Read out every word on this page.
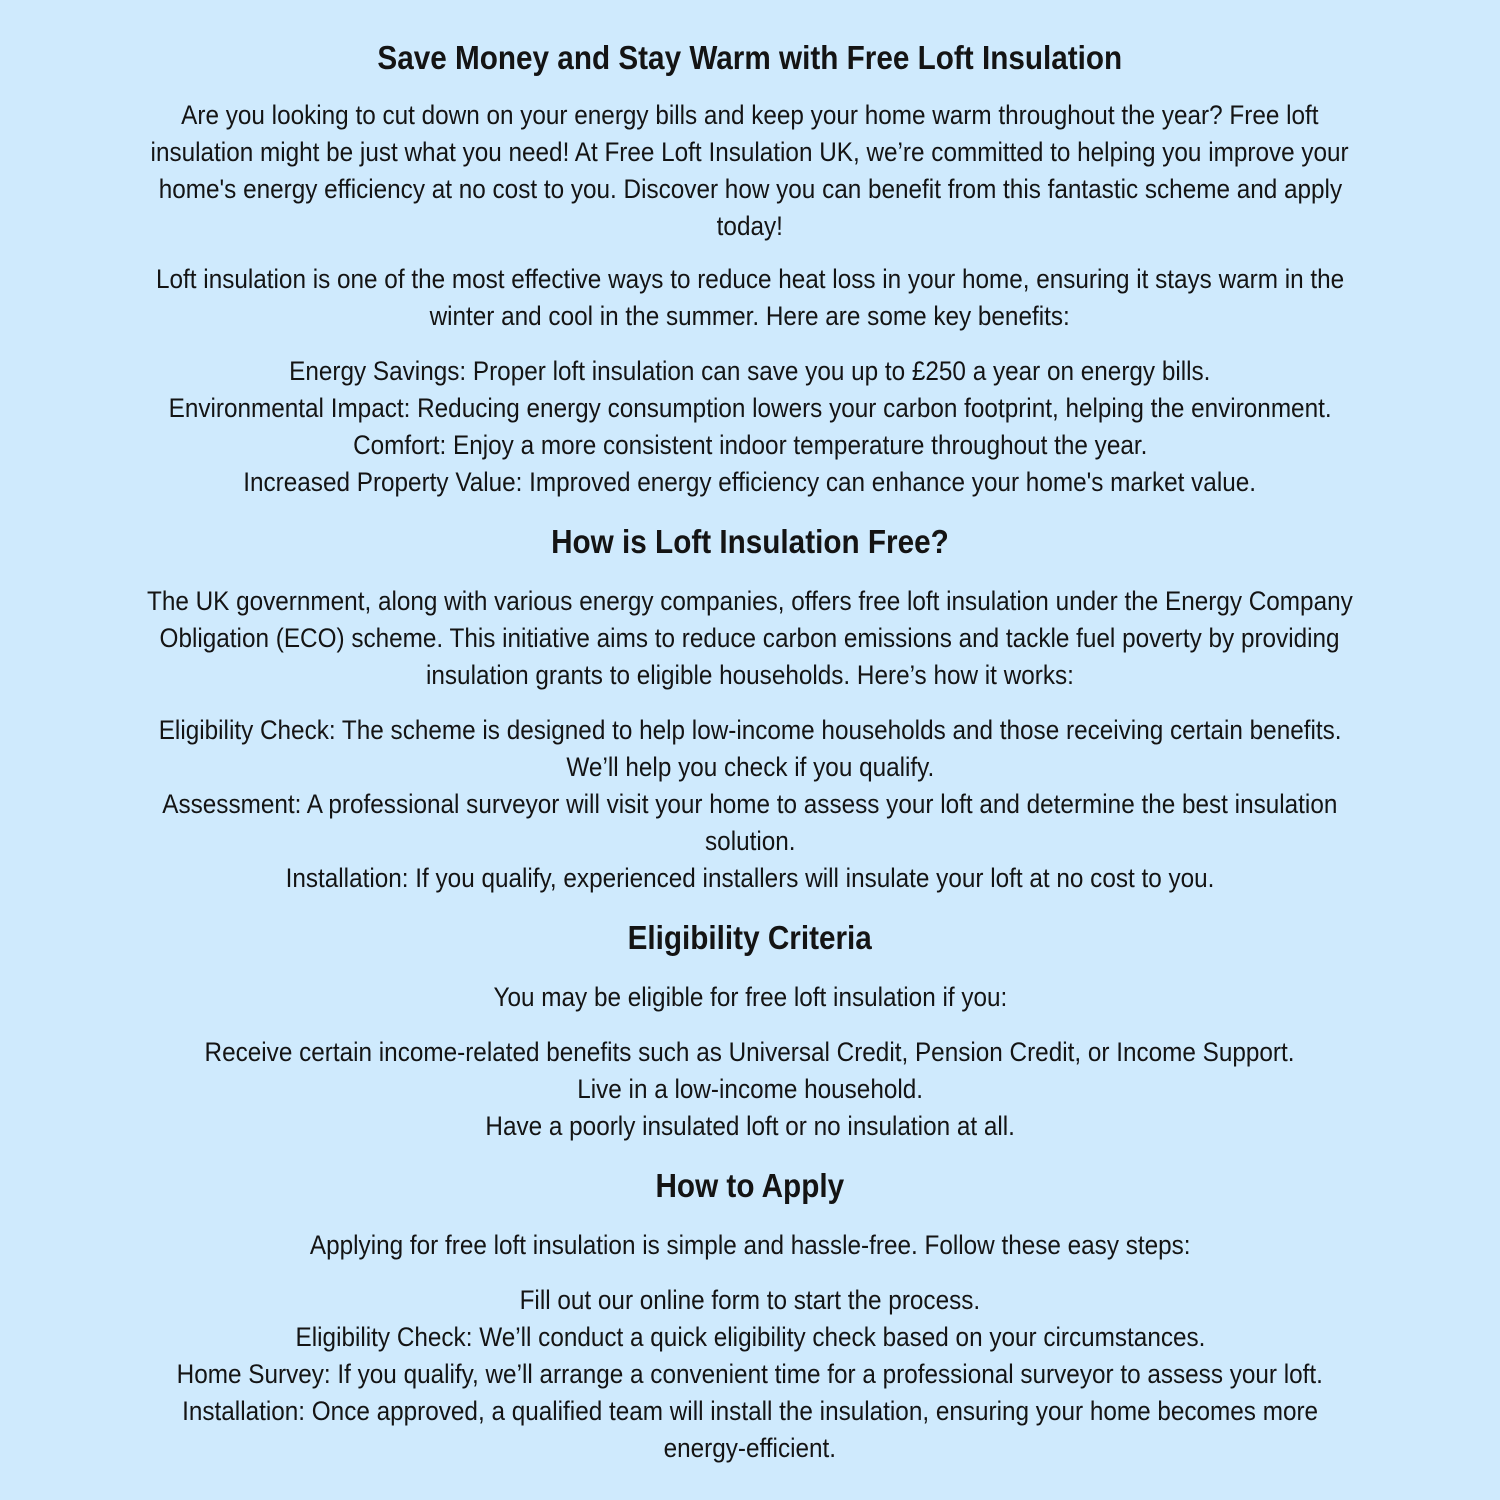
Save Money and Stay Warm with Free Loft Insulation
Are you looking to cut down on your energy bills and keep your home warm throughout the year? Free loft
insulation might be just what you need! At Free Loft Insulation UK, we’re committed to helping you improve your
home's energy efficiency at no cost to you. Discover how you can benefit from this fantastic scheme and apply
today!
Loft insulation is one of the most effective ways to reduce heat loss in your home, ensuring it stays warm in the
winter and cool in the summer. Here are some key benefits:
Energy Savings: Proper loft insulation can save you up to £250 a year on energy bills.
Environmental Impact: Reducing energy consumption lowers your carbon footprint, helping the environment.
Comfort: Enjoy a more consistent indoor temperature throughout the year.
Increased Property Value: Improved energy efficiency can enhance your home's market value.
How is Loft Insulation Free?
The UK government, along with various energy companies, offers free loft insulation under the Energy Company
Obligation (ECO) scheme. This initiative aims to reduce carbon emissions and tackle fuel poverty by providing
insulation grants to eligible households. Here’s how it works:
Eligibility Check: The scheme is designed to help low-income households and those receiving certain benefits.
We’ll help you check if you qualify.
Assessment: A professional surveyor will visit your home to assess your loft and determine the best insulation
solution.
Installation: If you qualify, experienced installers will insulate your loft at no cost to you.
Eligibility Criteria
You may be eligible for free loft insulation if you:
Receive certain income-related benefits such as Universal Credit, Pension Credit, or Income Support.
Live in a low-income household.
Have a poorly insulated loft or no insulation at all.
How to Apply
Applying for free loft insulation is simple and hassle-free. Follow these easy steps:
Fill out our online form to start the process.
Eligibility Check: We’ll conduct a quick eligibility check based on your circumstances.
Home Survey: If you qualify, we’ll arrange a convenient time for a professional surveyor to assess your loft.
Installation: Once approved, a qualified team will install the insulation, ensuring your home becomes more
energy-efficient.
